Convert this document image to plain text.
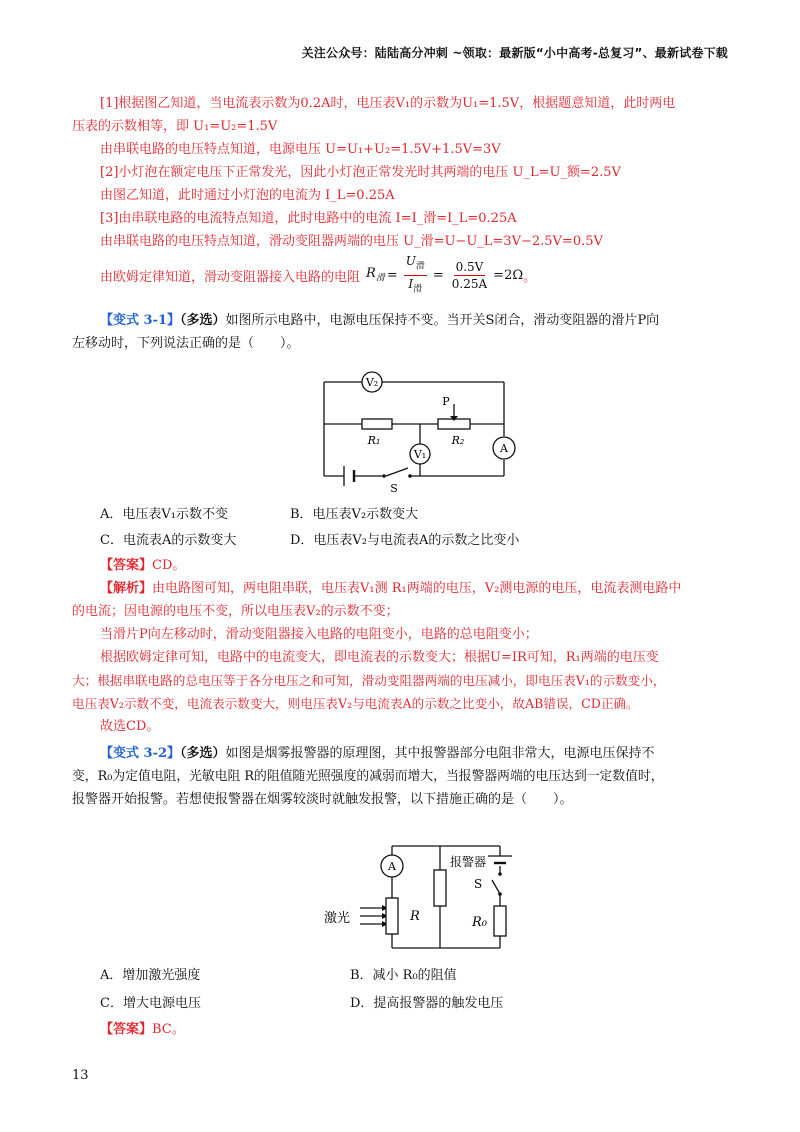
关注公众号：陆陆高分冲刺 ~领取：最新版“小中高考-总复习”、最新试卷下载
[1]根据图乙知道，当电流表示数为0.2A时，电压表V₁的示数为U₁=1.5V，根据题意知道，此时两电
压表的示数相等，即 U₁=U₂=1.5V
由串联电路的电压特点知道，电源电压 U=U₁+U₂=1.5V+1.5V=3V
[2]小灯泡在额定电压下正常发光，因此小灯泡正常发光时其两端的电压 U_L=U_额=2.5V
由图乙知道，此时通过小灯泡的电流为 I_L=0.25A
[3]由串联电路的电流特点知道，此时电路中的电流 I=I_滑=I_L=0.25A
由串联电路的电压特点知道，滑动变阻器两端的电压 U_滑=U−U_L=3V−2.5V=0.5V
由欧姆定律知道，滑动变阻器接入电路的电阻 $R_滑 = \frac{U_滑}{I_滑} = \frac{0.5V}{0.25A} =2\Omega$ 。
【变式 3-1】（多选）如图所示电路中，电源电压保持不变。当开关S闭合，滑动变阻器的滑片P向
左移动时，下列说法正确的是（　　）。
V₂
R₁
P
R₂
V₁	A
S
A．电压表V₁示数不变	B．电压表V₂示数变大
C．电流表A的示数变大	D．电压表V₂与电流表A的示数之比变小
【答案】CD。
【解析】由电路图可知，两电阻串联，电压表V₁测 R₁两端的电压，V₂测电源的电压，电流表测电路中
的电流；因电源的电压不变，所以电压表V₂的示数不变；
当滑片P向左移动时，滑动变阻器接入电路的电阻变小，电路的总电阻变小；
根据欧姆定律可知，电路中的电流变大，即电流表的示数变大；根据U=IR可知，R₁两端的电压变
大；根据串联电路的总电压等于各分电压之和可知，滑动变阻器两端的电压减小，即电压表V₁的示数变小，
电压表V₂示数不变，电流表示数变大，则电压表V₂与电流表A的示数之比变小，故AB错误，CD正确。
故选CD。
【变式 3-2】（多选）如图是烟雾报警器的原理图，其中报警器部分电阻非常大，电源电压保持不
变，R₀为定值电阻，光敏电阻 R的阻值随光照强度的减弱而增大，当报警器两端的电压达到一定数值时，
报警器开始报警。若想使报警器在烟雾较淡时就触发报警，以下措施正确的是（　　）。
A
R
报警器
S
R₀
激光
A．增加激光强度	B．减小 R₀的阻值
C．增大电源电压	D．提高报警器的触发电压
【答案】BC。
13
